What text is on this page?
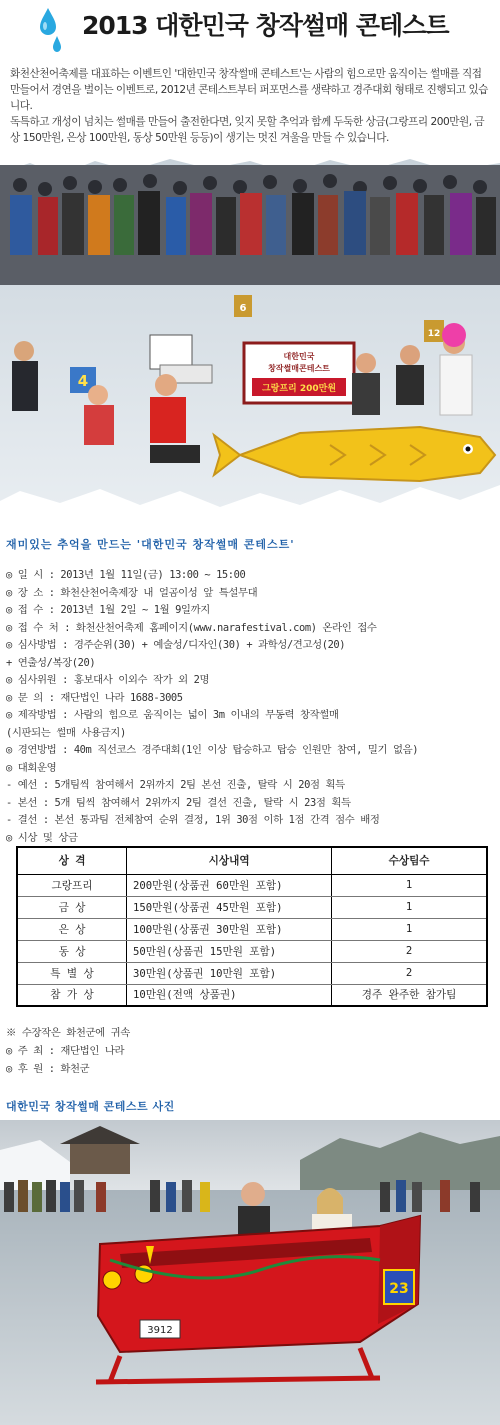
2013 대한민국 창작썰매 콘테스트

화천산천어축제를 대표하는 이벤트인 '대한민국 창작썰매 콘테스트'는 사람의 힘으로만 움직이는 썰매를 직접 만들어서 경연을 벌이는 이벤트로, 2012년 콘테스트부터 퍼포먼스를 생략하고 경주대회 형태로 진행되고 있습니다.

독특하고 개성이 넘치는 썰매를 만들어 출전한다면, 잊지 못할 추억과 함께 두둑한 상금(그랑프리 200만원, 금상 150만원, 은상 100만원, 동상 50만원 등등)이 생기는 멋진 겨울을 만들 수 있습니다.

대한민국
창작썰매콘테스트
그랑프리 200만원
4
6
12
재미있는 추억을 만드는 '대한민국 창작썰매 콘테스트'
◎ 일 시 : 2013년 1월 11일(금) 13:00 ~ 15:00
◎ 장 소 : 화천산천어축제장 내 얼곰이성 앞 특설무대
◎ 접 수 : 2013년 1월 2일 ~ 1월 9일까지
◎ 접 수 처 : 화천산천어축제 홈페이지(www.narafestival.com) 온라인 접수
◎ 심사방법 : 경주순위(30) + 예술성/디자인(30) + 과학성/견고성(20)
+ 연출성/복장(20)
◎ 심사위원 : 홍보대사 이외수 작가 외 2명
◎ 문 의 : 재단법인 나라 1688-3005
◎ 제작방법 : 사람의 힘으로 움직이는 넓이 3m 이내의 무동력 창작썰매
(시판되는 썰매 사용금지)
◎ 경연방법 : 40m 직선코스 경주대회(1인 이상 탑승하고 탑승 인원만 참여, 밀기 없음)
◎ 대회운영
- 예선 : 5개팀씩 참여해서 2위까지 2팀 본선 진출, 탈락 시 20점 획득
- 본선 : 5개 팀씩 참여해서 2위까지 2팀 결선 진출, 탈락 시 23점 획득
- 결선 : 본선 통과팀 전체참여 순위 결정, 1위 30점 이하 1점 간격 점수 배정
◎ 시상 및 상금
상 격	시상내역	수상팀수
그랑프리	200만원(상품권 60만원 포함)	1
금 상	150만원(상품권 45만원 포함)	1
은 상	100만원(상품권 30만원 포함)	1
동 상	50만원(상품권 15만원 포함)	2
특 별 상	30만원(상품권 10만원 포함)	2
참 가 상	10만원(전액 상품권)	경주 완주한 참가팀
※ 수장작은 화천군에 귀속
◎ 주 최 : 재단법인 나라
◎ 후 원 : 화천군
대한민국 창작썰매 콘테스트 사진
23
3912
